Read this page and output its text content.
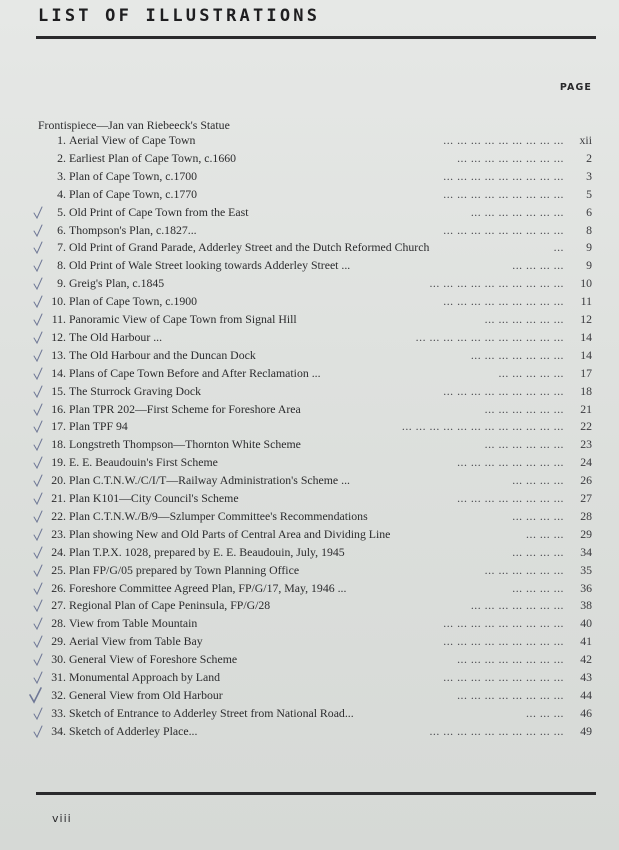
LIST OF ILLUSTRATIONS
PAGE
Frontispiece—Jan van Riebeeck's Statue
1. Aerial View of Cape Town	... ... ... ... ... ... ... ... ... xii
2. Earliest Plan of Cape Town, c.1660	... ... ... ... ... ... ... ... 2
3. Plan of Cape Town, c.1700	... ... ... ... ... ... ... ... ... 3
4. Plan of Cape Town, c.1770	... ... ... ... ... ... ... ... ... 5
5. Old Print of Cape Town from the East	... ... ... ... ... ... ... 6
6. Thompson's Plan, c.1827...	... ... ... ... ... ... ... ... ... 8
7. Old Print of Grand Parade, Adderley Street and the Dutch Reformed Church	... 9
8. Old Print of Wale Street looking towards Adderley Street ...	... ... ... ... 9
9. Greig's Plan, c.1845	... ... ... ... ... ... ... ... ... ... 10
10. Plan of Cape Town, c.1900	... ... ... ... ... ... ... ... ... 11
11. Panoramic View of Cape Town from Signal Hill	... ... ... ... ... ... 12
12. The Old Harbour ...	... ... ... ... ... ... ... ... ... ... ... 14
13. The Old Harbour and the Duncan Dock	... ... ... ... ... ... ... 14
14. Plans of Cape Town Before and After Reclamation ...	... ... ... ... ... 17
15. The Sturrock Graving Dock	... ... ... ... ... ... ... ... ... 18
16. Plan TPR 202—First Scheme for Foreshore Area	... ... ... ... ... ... 21
17. Plan TPF 94	... ... ... ... ... ... ... ... ... ... ... ... 22
18. Longstreth Thompson—Thornton White Scheme	... ... ... ... ... ... 23
19. E. E. Beaudouin's First Scheme	... ... ... ... ... ... ... ... 24
20. Plan C.T.N.W./C/I/T—Railway Administration's Scheme ...	... ... ... ... 26
21. Plan K101—City Council's Scheme	... ... ... ... ... ... ... ... 27
22. Plan C.T.N.W./B/9—Szlumper Committee's Recommendations	... ... ... ... 28
23. Plan showing New and Old Parts of Central Area and Dividing Line	... ... ... 29
24. Plan T.P.X. 1028, prepared by E. E. Beaudouin, July, 1945	... ... ... ... 34
25. Plan FP/G/05 prepared by Town Planning Office	... ... ... ... ... ... 35
26. Foreshore Committee Agreed Plan, FP/G/17, May, 1946 ...	... ... ... ... 36
27. Regional Plan of Cape Peninsula, FP/G/28	... ... ... ... ... ... ... 38
28. View from Table Mountain	... ... ... ... ... ... ... ... ... 40
29. Aerial View from Table Bay	... ... ... ... ... ... ... ... ... 41
30. General View of Foreshore Scheme	... ... ... ... ... ... ... ... 42
31. Monumental Approach by Land	... ... ... ... ... ... ... ... ... 43
32. General View from Old Harbour	... ... ... ... ... ... ... ... 44
33. Sketch of Entrance to Adderley Street from National Road...	... ... ... 46
34. Sketch of Adderley Place...	... ... ... ... ... ... ... ... ... ... 49
viii
